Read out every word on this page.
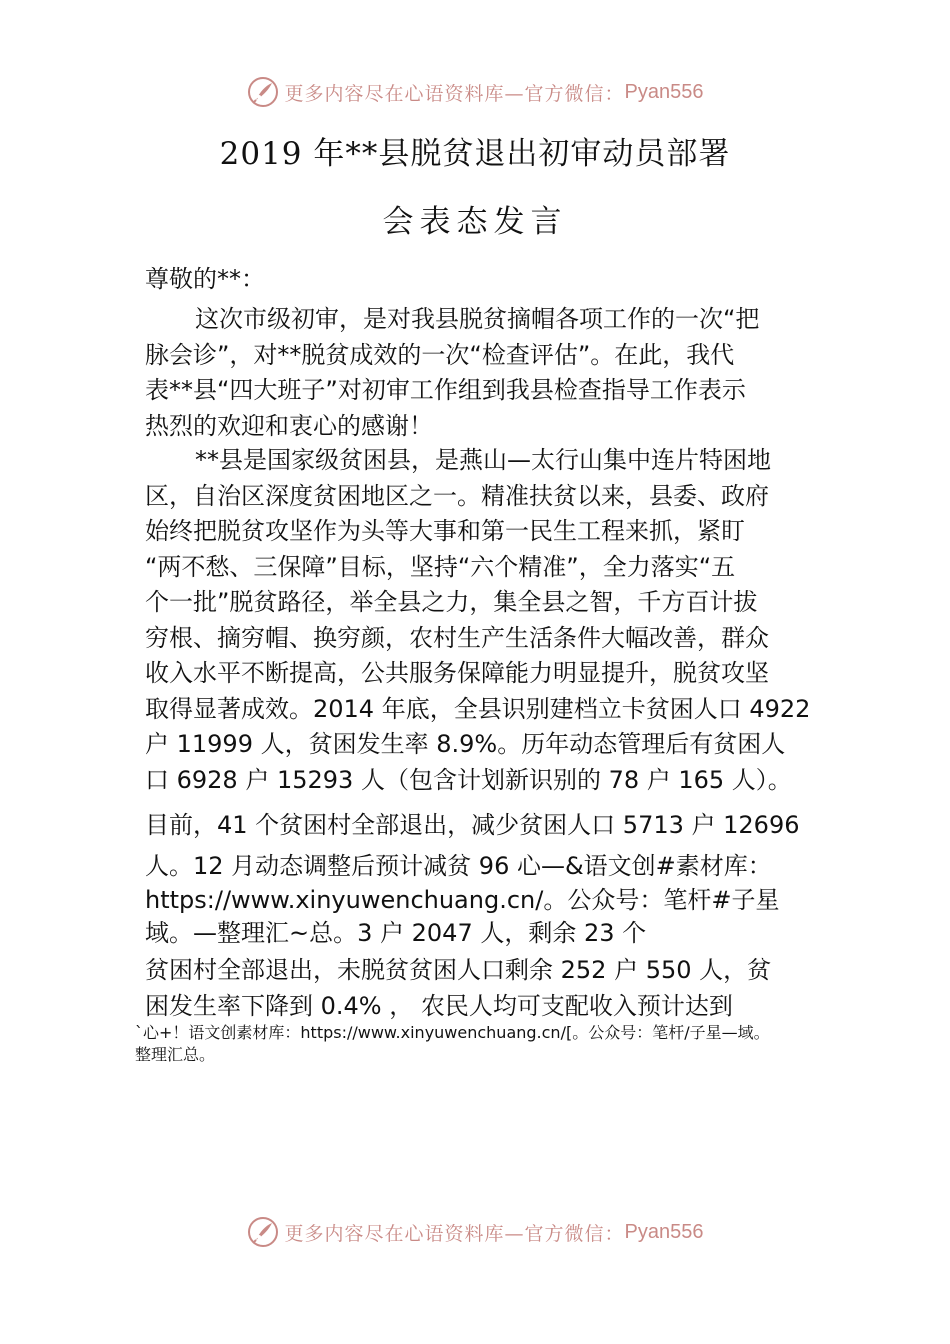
更多内容尽在心语资料库—官方微信： Pyan556
2019 年**县脱贫退出初审动员部署
会表态发言
尊敬的**：
这次市级初审，是对我县脱贫摘帽各项工作的一次“把
脉会诊”，对**脱贫成效的一次“检查评估”。在此，我代
表**县“四大班子”对初审工作组到我县检查指导工作表示
热烈的欢迎和衷心的感谢！
**县是国家级贫困县，是燕山—太行山集中连片特困地
区，自治区深度贫困地区之一。精准扶贫以来，县委、政府
始终把脱贫攻坚作为头等大事和第一民生工程来抓，紧盯
“两不愁、三保障”目标，坚持“六个精准”，全力落实“五
个一批”脱贫路径，举全县之力，集全县之智，千方百计拔
穷根、摘穷帽、换穷颜，农村生产生活条件大幅改善，群众
收入水平不断提高，公共服务保障能力明显提升，脱贫攻坚
取得显著成效。2014 年底，全县识别建档立卡贫困人口 4922
户 11999 人，贫困发生率 8.9%。历年动态管理后有贫困人
口 6928 户 15293 人（包含计划新识别的 78 户 165 人）。
目前，41 个贫困村全部退出，减少贫困人口 5713 户 12696
人。12 月动态调整后预计减贫 96 心—&语文创#素材库：
https://www.xinyuwenchuang.cn/。公众号：笔杆#子星
域。—整理汇~总。3 户 2047 人，剩余 23 个
贫困村全部退出，未脱贫贫困人口剩余 252 户 550 人，贫
困发生率下降到 0.4% ， 农民人均可支配收入预计达到
`心+！语文创素材库：https://www.xinyuwenchuang.cn/[。公众号：笔杆/子星—域。
整理汇总。
更多内容尽在心语资料库—官方微信： Pyan556
